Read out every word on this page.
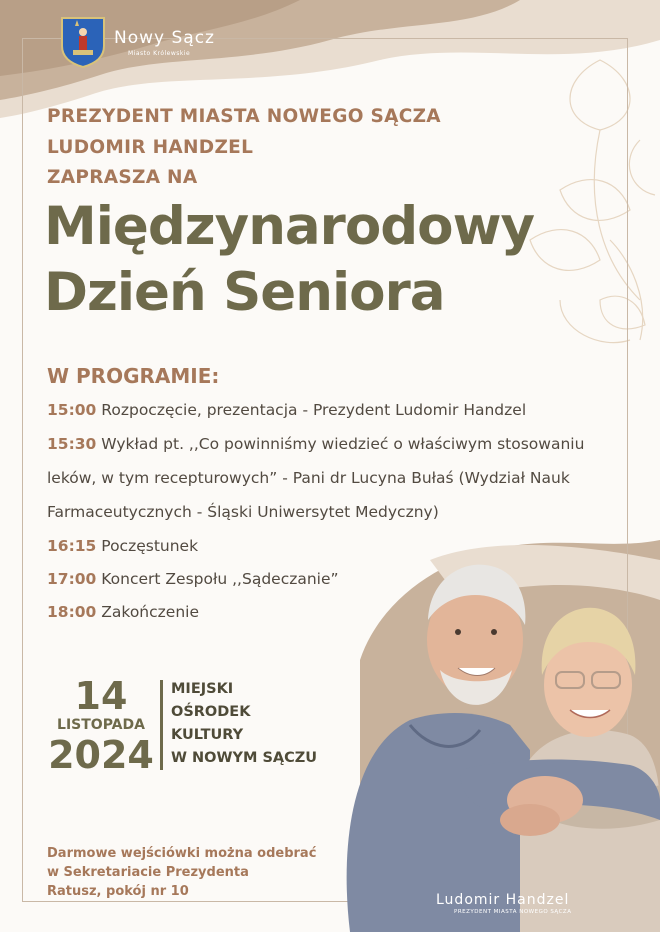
Nowy Sącz
Miasto Królewskie
PREZYDENT MIASTA NOWEGO SĄCZA
LUDOMIR HANDZEL
ZAPRASZA NA
Międzynarodowy
Dzień Seniora
W PROGRAMIE:
15:00 Rozpoczęcie, prezentacja - Prezydent Ludomir Handzel
15:30 Wykład pt. ,,Co powinniśmy wiedzieć o właściwym stosowaniu
leków, w tym recepturowych” - Pani dr Lucyna Bułaś (Wydział Nauk
Farmaceutycznych - Śląski Uniwersytet Medyczny)
16:15 Poczęstunek
17:00 Koncert Zespołu ,,Sądeczanie”
18:00 Zakończenie
14
LISTOPADA
2024
MIEJSKI
OŚRODEK
KULTURY
W NOWYM SĄCZU
Darmowe wejściówki można odebrać
w Sekretariacie Prezydenta
Ratusz, pokój nr 10
Ludomir Handzel
PREZYDENT MIASTA NOWEGO SĄCZA
